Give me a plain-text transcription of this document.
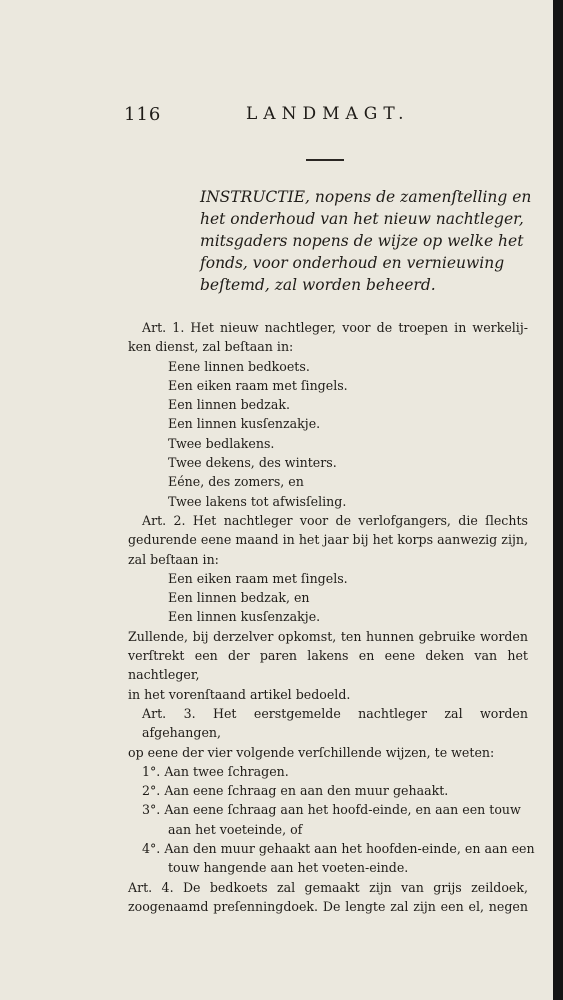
116	LANDMAGT.
INSTRUCTIE, nopens de zamenſtelling en
het onderhoud van het nieuw nachtleger,
mitsgaders nopens de wijze op welke het
fonds, voor onderhoud en vernieuwing
beſtemd, zal worden beheerd.
Art. 1. Het nieuw nachtleger, voor de troepen in werkelij-
ken dienst, zal beſtaan in:
Eene linnen bedkoets.
Een eiken raam met ſingels.
Een linnen bedzak.
Een linnen kusſenzakje.
Twee bedlakens.
Twee dekens, des winters.
Eéne, des zomers, en
Twee lakens tot afwisſeling.
Art. 2. Het nachtleger voor de verlofgangers, die ſlechts
gedurende eene maand in het jaar bij het korps aanwezig zijn,
zal beſtaan in:
Een eiken raam met ſingels.
Een linnen bedzak, en
Een linnen kusſenzakje.
Zullende, bij derzelver opkomst, ten hunnen gebruike worden
verſtrekt een der paren lakens en eene deken van het nachtleger,
in het vorenſtaand artikel bedoeld.
Art. 3. Het eerstgemelde nachtleger zal worden afgehangen,
op eene der vier volgende verſchillende wijzen, te weten:
1°. Aan twee ſchragen.
2°. Aan eene ſchraag en aan den muur gehaakt.
3°. Aan eene ſchraag aan het hoofd-einde, en aan een touw
aan het voeteinde, of
4°. Aan den muur gehaakt aan het hoofden-einde, en aan een
touw hangende aan het voeten-einde.
Art. 4. De bedkoets zal gemaakt zijn van grijs zeildoek,
zoogenaamd preſenningdoek. De lengte zal zijn een el, negen
